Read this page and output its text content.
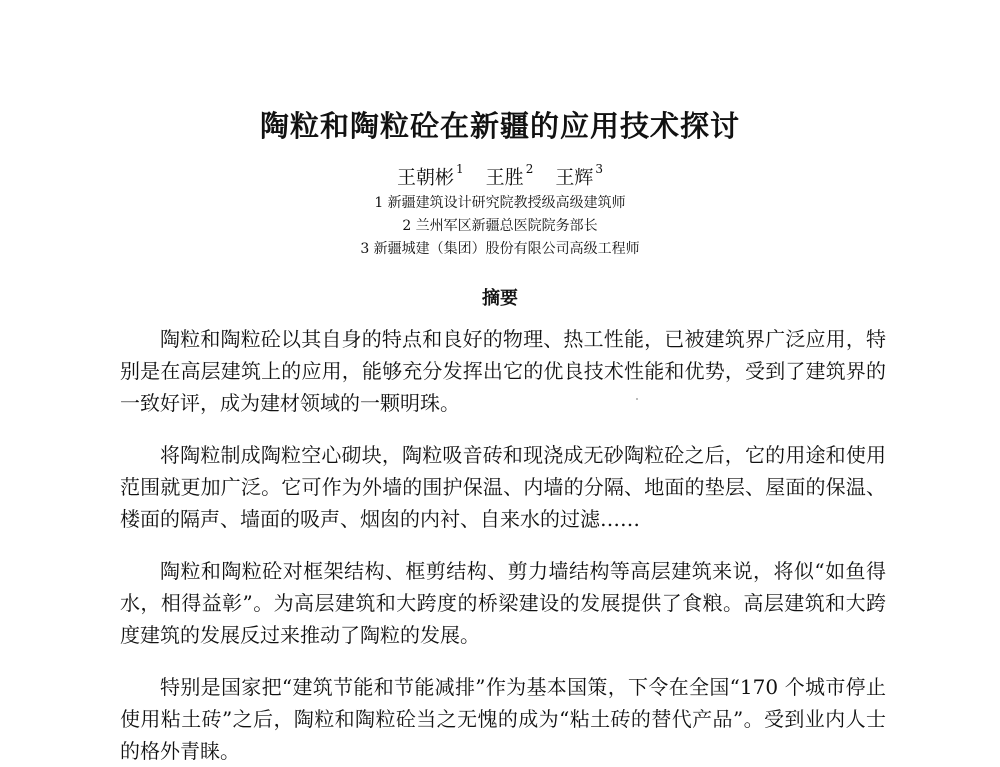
陶粒和陶粒砼在新疆的应用技术探讨
王朝彬 $^1$ 王胜 $^2$ 王辉 $^3$
1 新疆建筑设计研究院教授级高级建筑师
2 兰州军区新疆总医院院务部长
3 新疆城建（集团）股份有限公司高级工程师
摘要

陶粒和陶粒砼以其自身的特点和良好的物理、热工性能，已被建筑界广泛应用，特别是在高层建筑上的应用，能够充分发挥出它的优良技术性能和优势，受到了建筑界的一致好评，成为建材领域的一颗明珠。

将陶粒制成陶粒空心砌块，陶粒吸音砖和现浇成无砂陶粒砼之后，它的用途和使用范围就更加广泛。它可作为外墙的围护保温、内墙的分隔、地面的垫层、屋面的保温、楼面的隔声、墙面的吸声、烟囱的内衬、自来水的过滤……

陶粒和陶粒砼对框架结构、框剪结构、剪力墙结构等高层建筑来说，将似“如鱼得水，相得益彰”。为高层建筑和大跨度的桥梁建设的发展提供了食粮。高层建筑和大跨度建筑的发展反过来推动了陶粒的发展。

特别是国家把“建筑节能和节能减排”作为基本国策，下令在全国“170 个城市停止使用粘土砖”之后，陶粒和陶粒砼当之无愧的成为“粘土砖的替代产品”。受到业内人士的格外青睐。
